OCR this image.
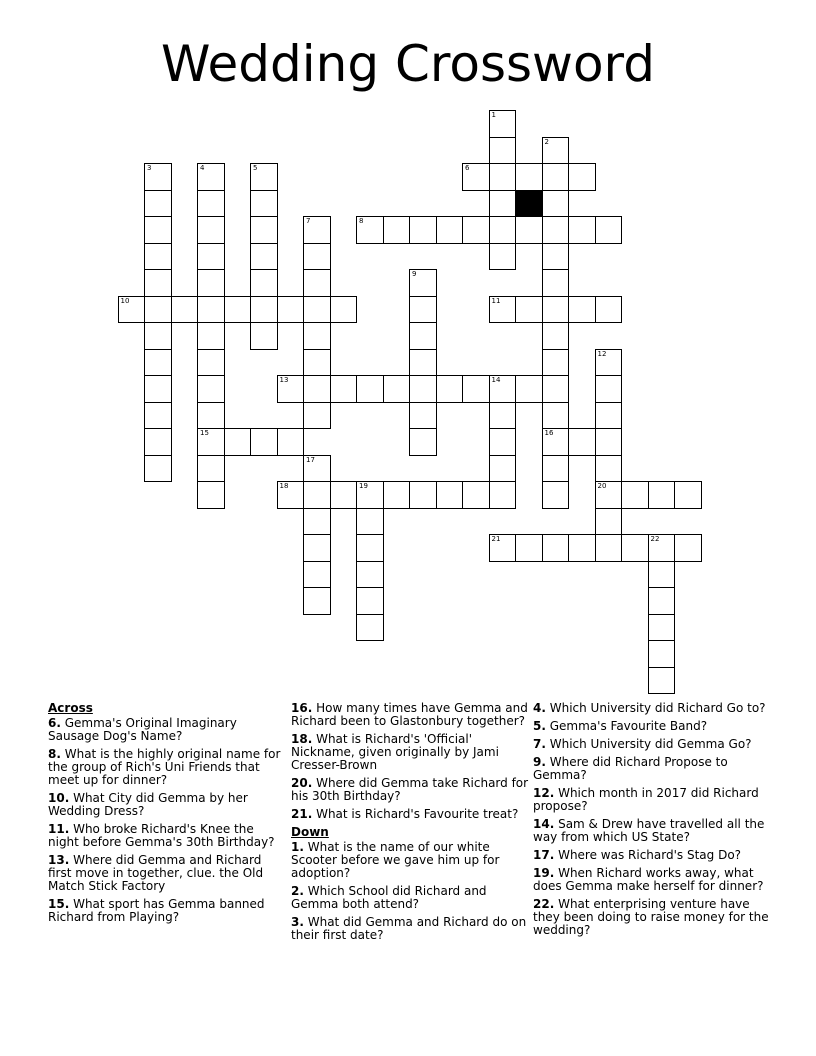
Wedding Crossword
1
2
16
3	4
15
5	6
7	8
9
10	11
12
20
13	14
17
18	19
21	22
Across
6. Gemma's Original Imaginary Sausage Dog's Name?
8. What is the highly original name for the group of Rich's Uni Friends that meet up for dinner?
10. What City did Gemma by her Wedding Dress?
11. Who broke Richard's Knee the night before Gemma's 30th Birthday?
13. Where did Gemma and Richard first move in together, clue. the Old Match Stick Factory
15. What sport has Gemma banned Richard from Playing?
16. How many times have Gemma and Richard been to Glastonbury together?
18. What is Richard's 'Official' Nickname, given originally by Jami Cresser-Brown
20. Where did Gemma take Richard for his 30th Birthday?
21. What is Richard's Favourite treat?
Down
1. What is the name of our white Scooter before we gave him up for adoption?
2. Which School did Richard and Gemma both attend?
3. What did Gemma and Richard do on their first date?
4. Which University did Richard Go to?
5. Gemma's Favourite Band?
7. Which University did Gemma Go?
9. Where did Richard Propose to Gemma?
12. Which month in 2017 did Richard propose?
14. Sam & Drew have travelled all the way from which US State?
17. Where was Richard's Stag Do?
19. When Richard works away, what does Gemma make herself for dinner?
22. What enterprising venture have they been doing to raise money for the wedding?
